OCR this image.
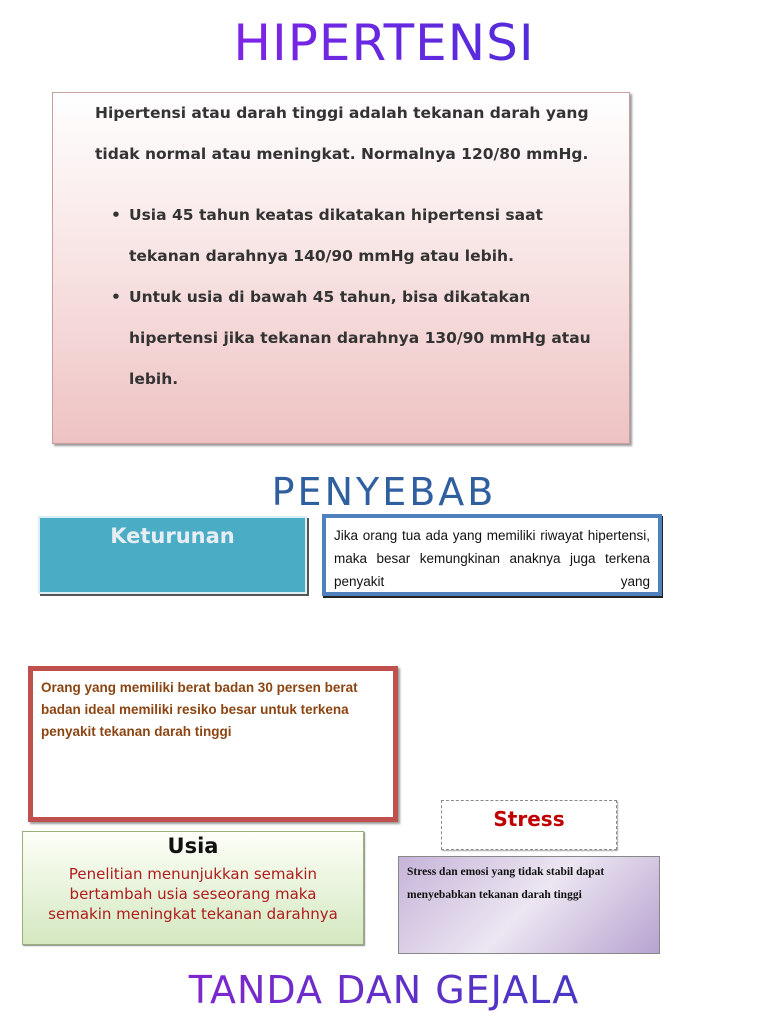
HIPERTENSI

Hipertensi atau darah tinggi adalah tekanan darah yang tidak normal atau meningkat. Normalnya 120/80 mmHg.

• Usia 45 tahun keatas dikatakan hipertensi saat tekanan darahnya 140/90 mmHg atau lebih.
• Untuk usia di bawah 45 tahun, bisa dikatakan hipertensi jika tekanan darahnya 130/90 mmHg atau lebih.
PENYEBAB
Keturunan	Jika orang tua ada yang memiliki riwayat hipertensi, maka besar kemungkinan anaknya juga terkena penyakit yang
Orang yang memiliki berat badan 30 persen berat badan ideal memiliki resiko besar untuk terkena penyakit tekanan darah tinggi
Stress
Usia

Penelitian menunjukkan semakin bertambah usia seseorang maka semakin meningkat tekanan darahnya

Stress dan emosi yang tidak stabil dapat menyebabkan tekanan darah tinggi
TANDA DAN GEJALA
